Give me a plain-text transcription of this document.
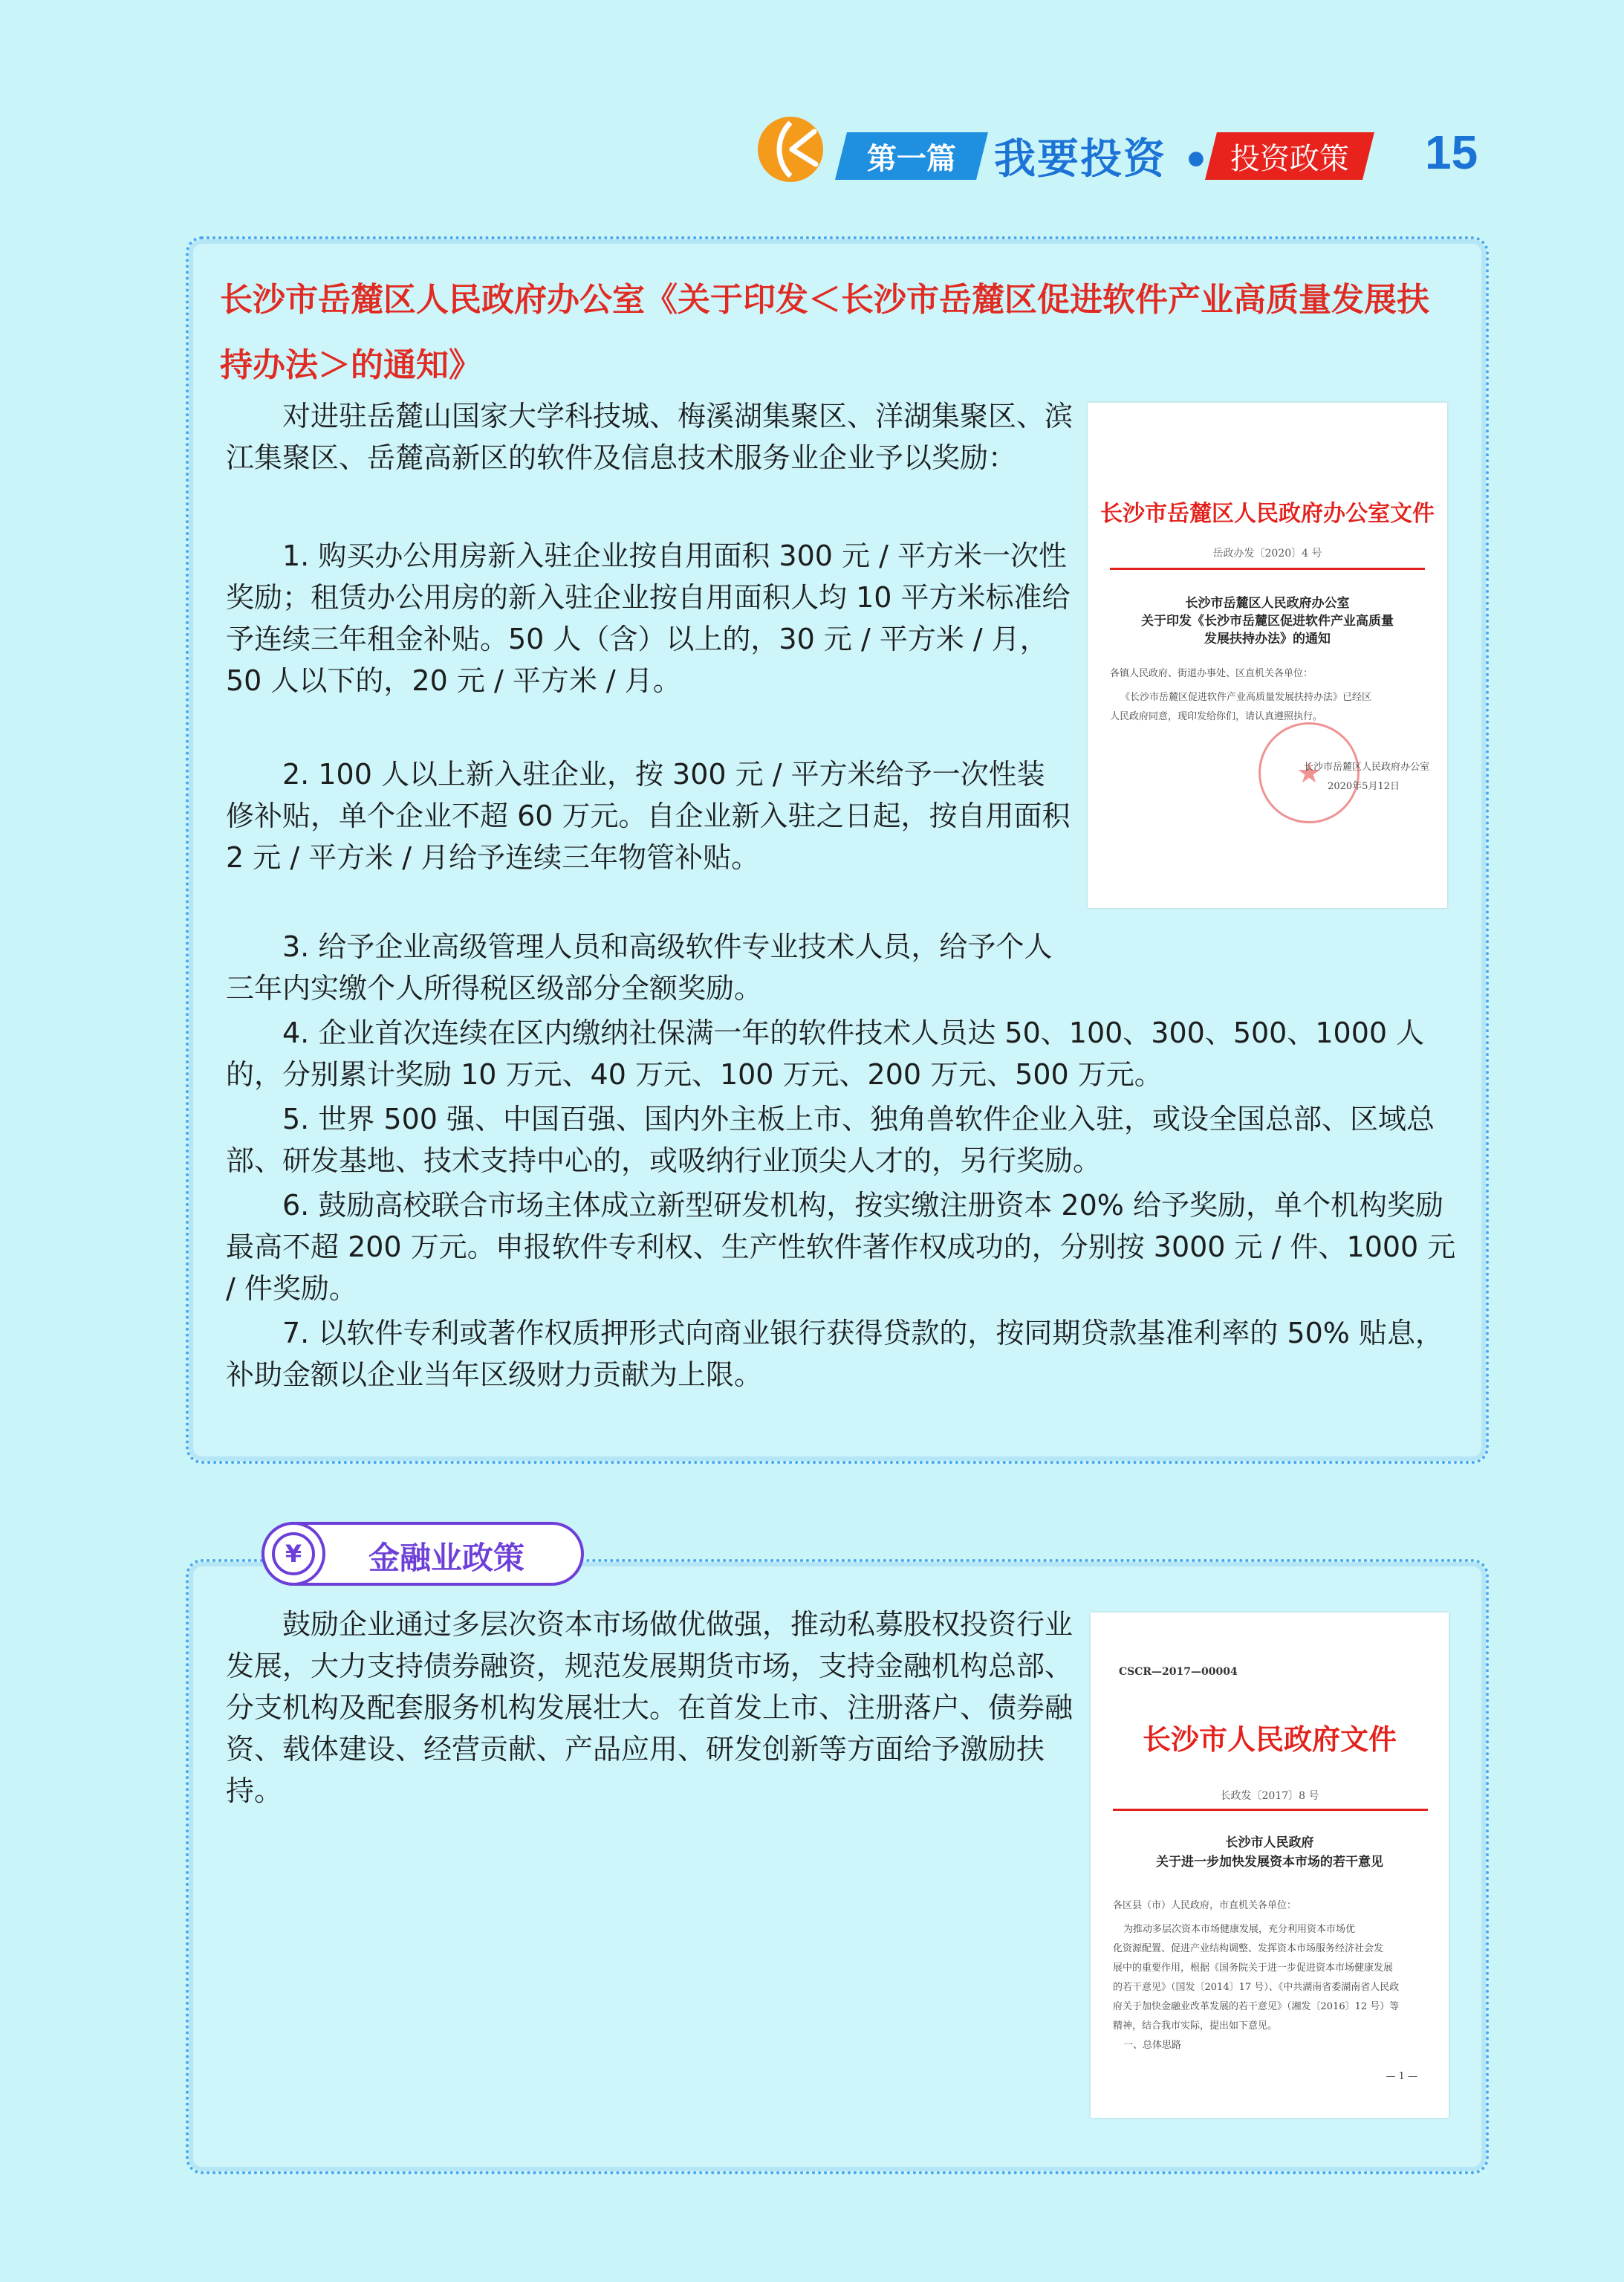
第一篇 我要投资 • 投资政策 15
长沙市岳麓区人民政府办公室《关于印发＜长沙市岳麓区促进软件产业高质量发展扶持办法＞的通知》

对进驻岳麓山国家大学科技城、梅溪湖集聚区、洋湖集聚区、滨江集聚区、岳麓高新区的软件及信息技术服务业企业予以奖励：

1. 购买办公用房新入驻企业按自用面积 300 元 / 平方米一次性奖励；租赁办公用房的新入驻企业按自用面积人均 10 平方米标准给予连续三年租金补贴。50 人（含）以上的，30 元 / 平方米 / 月，50 人以下的，20 元 / 平方米 / 月。

2. 100 人以上新入驻企业，按 300 元 / 平方米给予一次性装修补贴，单个企业不超 60 万元。自企业新入驻之日起，按自用面积 2 元 / 平方米 / 月给予连续三年物管补贴。

3. 给予企业高级管理人员和高级软件专业技术人员，给予个人三年内实缴个人所得税区级部分全额奖励。

4. 企业首次连续在区内缴纳社保满一年的软件技术人员达 50、100、300、500、1000 人的，分别累计奖励 10 万元、40 万元、100 万元、200 万元、500 万元。

5. 世界 500 强、中国百强、国内外主板上市、独角兽软件企业入驻，或设全国总部、区域总部、研发基地、技术支持中心的，或吸纳行业顶尖人才的，另行奖励。

6. 鼓励高校联合市场主体成立新型研发机构，按实缴注册资本 20% 给予奖励，单个机构奖励最高不超 200 万元。申报软件专利权、生产性软件著作权成功的，分别按 3000 元 / 件、1000 元 / 件奖励。

7. 以软件专利或著作权质押形式向商业银行获得贷款的，按同期贷款基准利率的 50% 贴息，补助金额以企业当年区级财力贡献为上限。

长沙市岳麓区人民政府办公室文件
岳政办发〔2020〕4 号
长沙市岳麓区人民政府办公室
关于印发《长沙市岳麓区促进软件产业高质量
发展扶持办法》的通知
各镇人民政府、街道办事处、区直机关各单位：
《长沙市岳麓区促进软件产业高质量发展扶持办法》已经区
人民政府同意，现印发给你们，请认真遵照执行。
★
长沙市岳麓区人民政府办公室
2020年5月12日

鼓励企业通过多层次资本市场做优做强，推动私募股权投资行业发展，大力支持债券融资，规范发展期货市场，支持金融机构总部、分支机构及配套服务机构发展壮大。在首发上市、注册落户、债券融资、载体建设、经营贡献、产品应用、研发创新等方面给予激励扶持。

¥	金融业政策
CSCR—2017—00004
长沙市人民政府文件
长政发〔2017〕8 号
长沙市人民政府
关于进一步加快发展资本市场的若干意见
各区县（市）人民政府，市直机关各单位：
为推动多层次资本市场健康发展，充分利用资本市场优
化资源配置、促进产业结构调整、发挥资本市场服务经济社会发
展中的重要作用，根据《国务院关于进一步促进资本市场健康发展
的若干意见》（国发〔2014〕17 号）、《中共湖南省委湖南省人民政
府关于加快金融业改革发展的若干意见》（湘发〔2016〕12 号）等
精神，结合我市实际，提出如下意见。
一、总体思路
— 1 —
